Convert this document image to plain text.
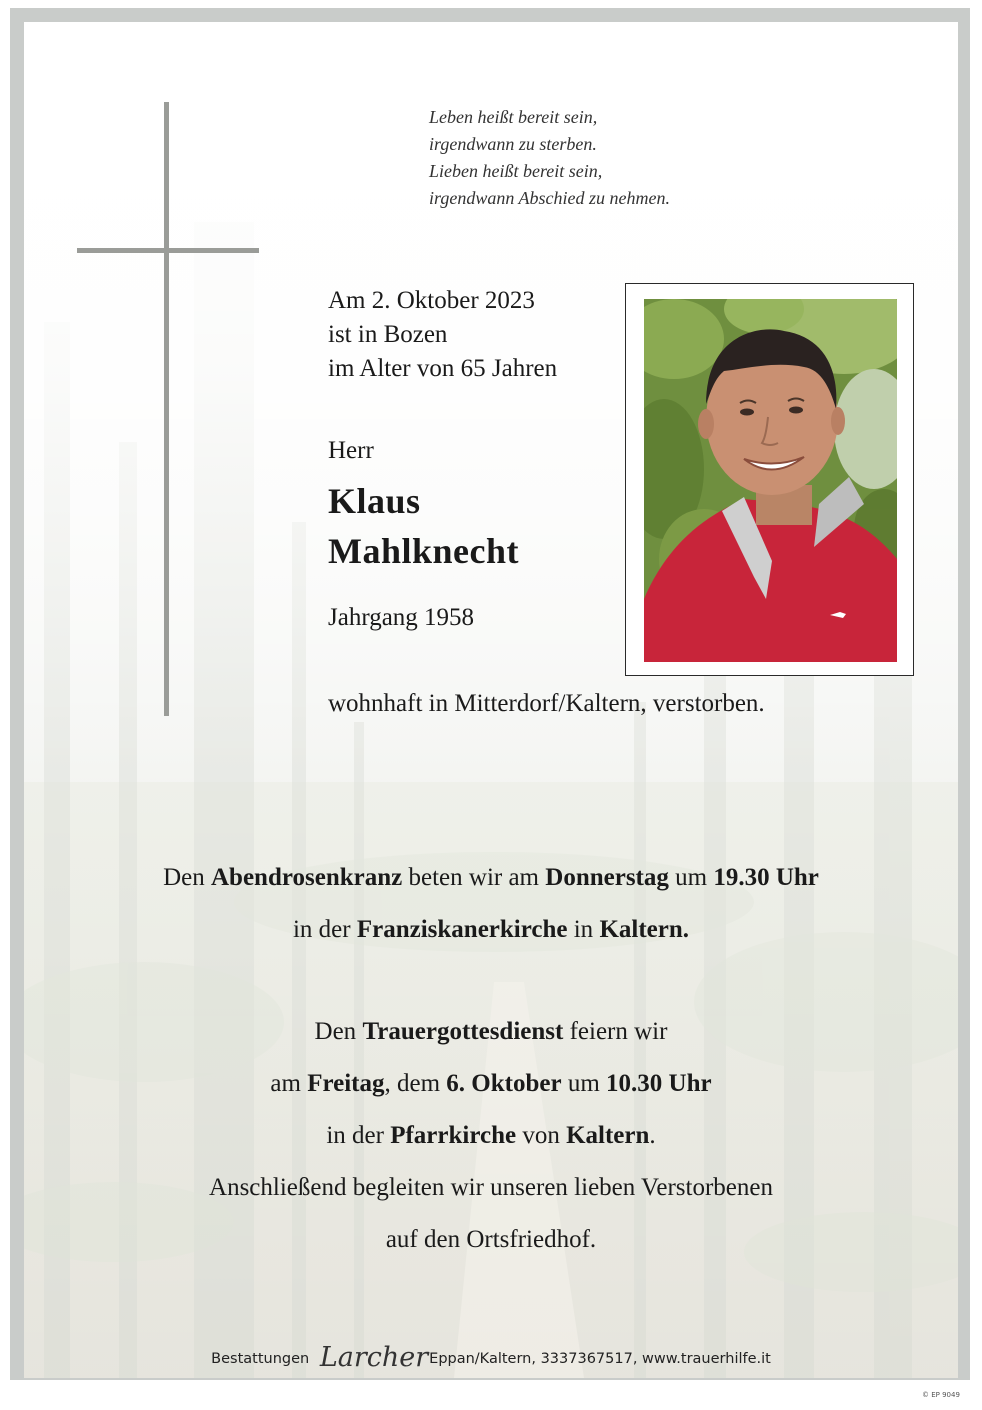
Leben heißt bereit sein,
irgendwann zu sterben.
Lieben heißt bereit sein,
irgendwann Abschied zu nehmen.
Am 2. Oktober 2023
ist in Bozen
im Alter von 65 Jahren
Herr
Klaus
Mahlknecht
Jahrgang 1958
wohnhaft in Mitterdorf/Kaltern, verstorben.
Den Abendrosenkranz beten wir am Donnerstag um 19.30 Uhr
in der Franziskanerkirche in Kaltern.
Den Trauergottesdienst feiern wir
am Freitag, dem 6. Oktober um 10.30 Uhr
in der Pfarrkirche von Kaltern.
Anschließend begleiten wir unseren lieben Verstorbenen
auf den Ortsfriedhof.
Bestattungen LarcherEppan/Kaltern, 3337367517, www.trauerhilfe.it
© EP 9049
